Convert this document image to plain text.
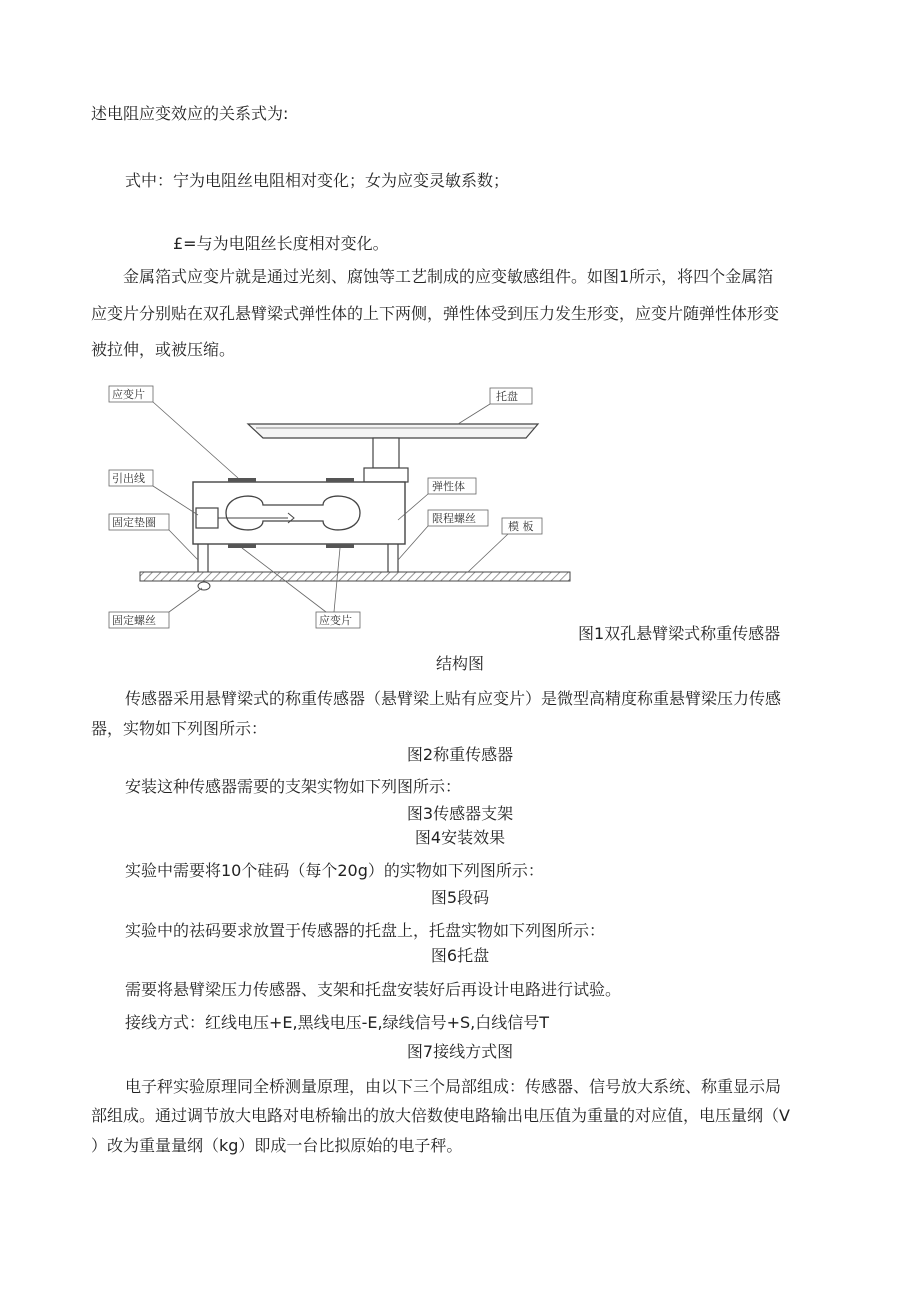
述电阻应变效应的关系式为:
式中：宁为电阻丝电阻相对变化；女为应变灵敏系数；
£=与为电阻丝长度相对变化。
金属箔式应变片就是通过光刻、腐蚀等工艺制成的应变敏感组件。如图1所示，将四个金属箔
应变片分别贴在双孔悬臂梁式弹性体的上下两侧，弹性体受到压力发生形变，应变片随弹性体形变
被拉伸，或被压缩。
应变片
引出线
固定垫圈
固定螺丝	应变片
托盘
弹性体
限程螺丝
模 板
图1双孔悬臂梁式称重传感器
结构图
传感器采用悬臂梁式的称重传感器（悬臂梁上贴有应变片）是微型高精度称重悬臂梁压力传感
器，实物如下列图所示：
图2称重传感器
安装这种传感器需要的支架实物如下列图所示：
图3传感器支架
图4安装效果
实验中需要将10个硅码（每个20g）的实物如下列图所示：
图5段码
实验中的祛码要求放置于传感器的托盘上，托盘实物如下列图所示：
图6托盘
需要将悬臂梁压力传感器、支架和托盘安装好后再设计电路进行试验。
接线方式：红线电压+E,黑线电压-E,绿线信号+S,白线信号T
图7接线方式图
电子秤实验原理同全桥测量原理，由以下三个局部组成：传感器、信号放大系统、称重显示局
部组成。通过调节放大电路对电桥输出的放大倍数使电路输出电压值为重量的对应值，电压量纲（V
）改为重量量纲（kg）即成一台比拟原始的电子秤。
